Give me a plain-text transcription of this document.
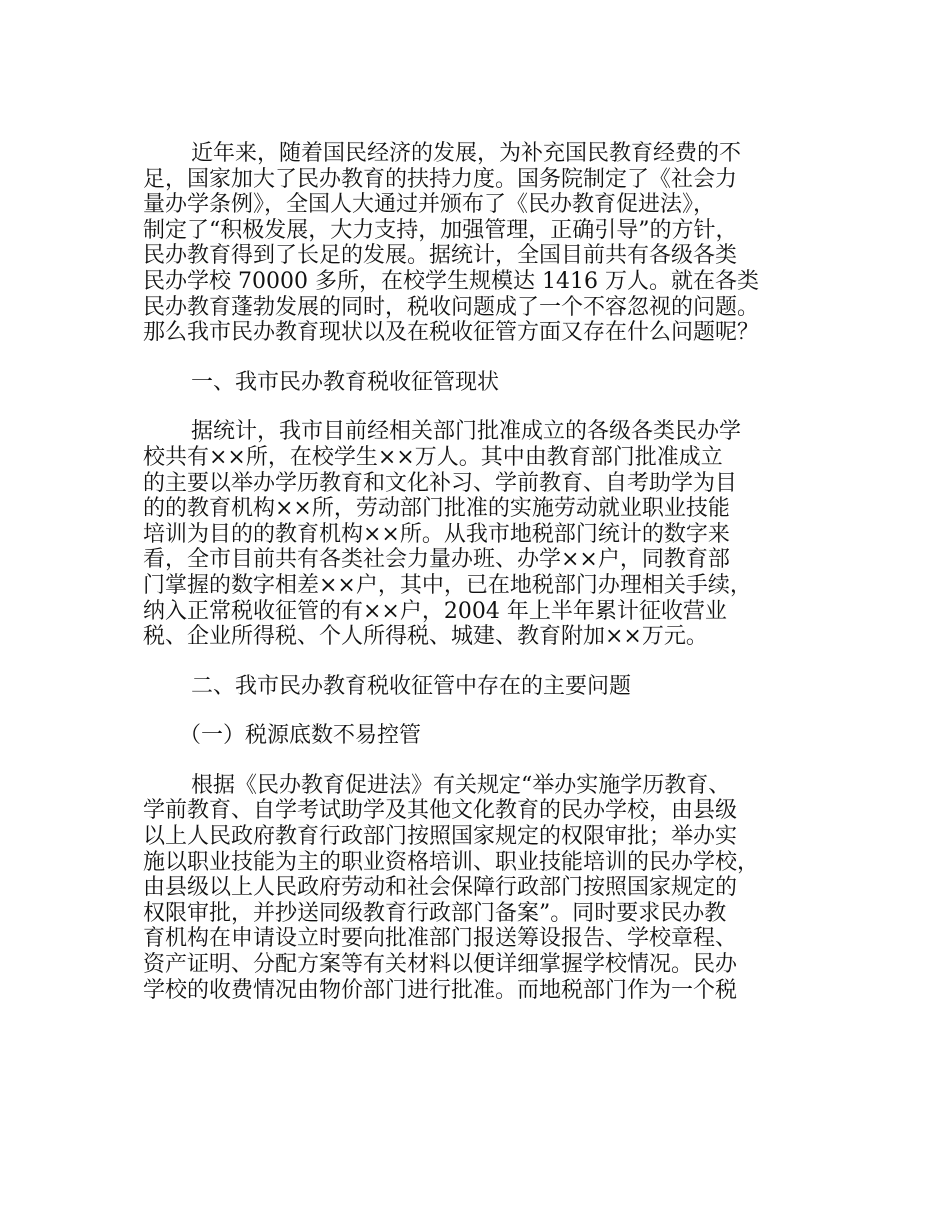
近年来，随着国民经济的发展，为补充国民教育经费的不
足，国家加大了民办教育的扶持力度。国务院制定了《社会力
量办学条例》，全国人大通过并颁布了《民办教育促进法》，
制定了“积极发展，大力支持，加强管理，正确引导”的方针，
民办教育得到了长足的发展。据统计，全国目前共有各级各类
民办学校 70000 多所，在校学生规模达 1416 万人。就在各类
民办教育蓬勃发展的同时，税收问题成了一个不容忽视的问题。
那么我市民办教育现状以及在税收征管方面又存在什么问题呢？
一、我市民办教育税收征管现状
据统计，我市目前经相关部门批准成立的各级各类民办学
校共有××所，在校学生××万人。其中由教育部门批准成立
的主要以举办学历教育和文化补习、学前教育、自考助学为目
的的教育机构××所，劳动部门批准的实施劳动就业职业技能
培训为目的的教育机构××所。从我市地税部门统计的数字来
看，全市目前共有各类社会力量办班、办学××户，同教育部
门掌握的数字相差××户，其中，已在地税部门办理相关手续，
纳入正常税收征管的有××户，2004 年上半年累计征收营业
税、企业所得税、个人所得税、城建、教育附加××万元。
二、我市民办教育税收征管中存在的主要问题
（一）税源底数不易控管
根据《民办教育促进法》有关规定“举办实施学历教育、
学前教育、自学考试助学及其他文化教育的民办学校，由县级
以上人民政府教育行政部门按照国家规定的权限审批；举办实
施以职业技能为主的职业资格培训、职业技能培训的民办学校，
由县级以上人民政府劳动和社会保障行政部门按照国家规定的
权限审批，并抄送同级教育行政部门备案”。同时要求民办教
育机构在申请设立时要向批准部门报送筹设报告、学校章程、
资产证明、分配方案等有关材料以便详细掌握学校情况。民办
学校的收费情况由物价部门进行批准。而地税部门作为一个税
